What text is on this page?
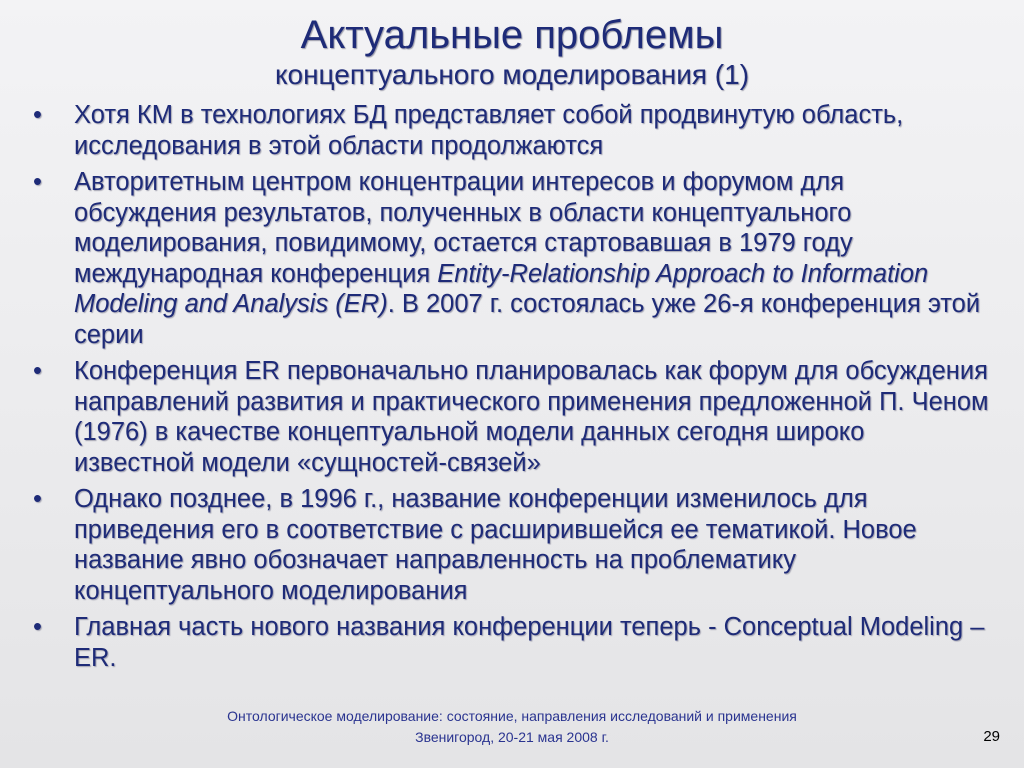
Актуальные проблемы
концептуального моделирования (1)
• Хотя КМ в технологиях БД представляет собой продвинутую область, исследования в этой области продолжаются
• Авторитетным центром концентрации интересов и форумом для обсуждения результатов, полученных в области концептуального моделирования, повидимому, остается стартовавшая в 1979 году международная конференция Entity-Relationship Approach to Information Modeling and Analysis (ER). В 2007 г. состоялась уже 26-я конференция этой серии
• Конференция ER первоначально планировалась как форум для обсуждения направлений развития и практического применения предложенной П. Ченом (1976) в качестве концептуальной модели данных сегодня широко известной модели «сущностей-связей»
• Однако позднее, в 1996 г., название конференции изменилось для приведения его в соответствие с расширившейся ее тематикой. Новое название явно обозначает направленность на проблематику концептуального моделирования
• Главная часть нового названия конференции теперь - Conceptual Modeling – ER.
Онтологическое моделирование: состояние, направления исследований и применения
Звенигород, 20-21 мая 2008 г.	29
